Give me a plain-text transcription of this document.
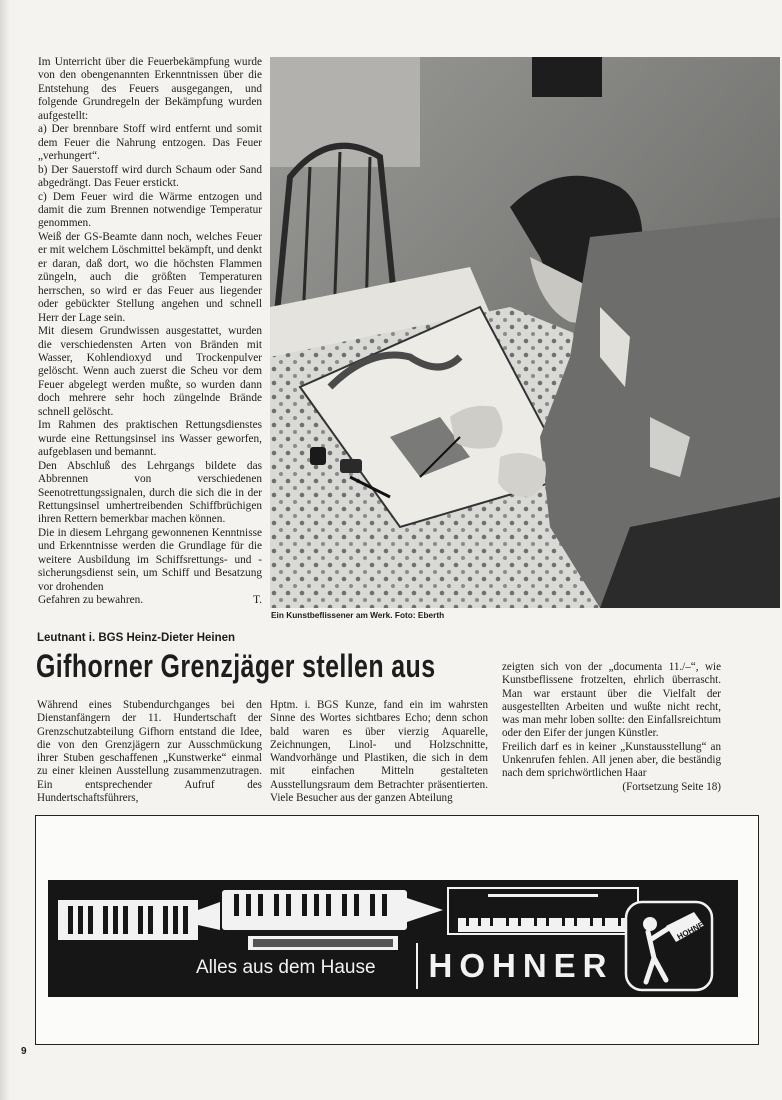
Im Unterricht über die Feuerbekämpfung wurde von den obengenannten Erkenntnissen über die Entstehung des Feuers ausgegangen, und folgende Grundregeln der Bekämpfung wurden aufgestellt:

a) Der brennbare Stoff wird entfernt und somit dem Feuer die Nahrung entzogen. Das Feuer „verhungert“.

b) Der Sauerstoff wird durch Schaum oder Sand abgedrängt. Das Feuer erstickt.

c) Dem Feuer wird die Wärme entzogen und damit die zum Brennen notwendige Temperatur genommen.

Weiß der GS-Beamte dann noch, welches Feuer er mit welchem Löschmittel bekämpft, und denkt er daran, daß dort, wo die höchsten Flammen züngeln, auch die größten Temperaturen herrschen, so wird er das Feuer aus liegender oder gebückter Stellung angehen und schnell Herr der Lage sein.

Mit diesem Grundwissen ausgestattet, wurden die verschiedensten Arten von Bränden mit Wasser, Kohlendioxyd und Trockenpulver gelöscht. Wenn auch zuerst die Scheu vor dem Feuer abgelegt werden mußte, so wurden dann doch mehrere sehr hoch züngelnde Brände schnell gelöscht.

Im Rahmen des praktischen Rettungsdienstes wurde eine Rettungsinsel ins Wasser geworfen, aufgeblasen und bemannt.

Den Abschluß des Lehrgangs bildete das Abbrennen von verschiedenen Seenotrettungssignalen, durch die sich die in der Rettungsinsel umhertreibenden Schiffbrüchigen ihren Rettern bemerkbar machen können.

Die in diesem Lehrgang gewonnenen Kenntnisse und Erkenntnisse werden die Grundlage für die weitere Ausbildung im Schiffsrettungs- und -sicherungsdienst sein, um Schiff und Besatzung vor drohenden

Gefahren zu bewahren.	T.

Ein Kunstbeflissener am Werk. Foto: Eberth
Leutnant i. BGS Heinz-Dieter Heinen
Gifhorner Grenzjäger stellen aus

Während eines Stubendurchganges bei den Dienstanfängern der 11. Hundertschaft der Grenzschutzabteilung Gifhorn entstand die Idee, die von den Grenzjägern zur Ausschmückung ihrer Stuben geschaffenen „Kunstwerke“ einmal zu einer kleinen Ausstellung zusammenzutragen. Ein entsprechender Aufruf des Hundertschaftsführers,

Hptm. i. BGS Kunze, fand ein im wahrsten Sinne des Wortes sichtbares Echo; denn schon bald waren es über vierzig Aquarelle, Zeichnungen, Linol- und Holzschnitte, Wandvorhänge und Plastiken, die sich in dem mit einfachen Mitteln gestalteten Ausstellungsraum dem Betrachter präsentierten. Viele Besucher aus der ganzen Abteilung

zeigten sich von der „documenta 11./–“, wie Kunstbeflissene frotzelten, ehrlich überrascht. Man war erstaunt über die Vielfalt der ausgestellten Arbeiten und wußte nicht recht, was man mehr loben sollte: den Einfallsreichtum oder den Eifer der jungen Künstler.

Freilich darf es in keiner „Kunstausstellung“ an Unkenrufen fehlen. All jenen aber, die beständig nach dem sprichwörtlichen Haar

(Fortsetzung Seite 18)

Alles aus dem Hause	HOHNER
HOHNER
9
